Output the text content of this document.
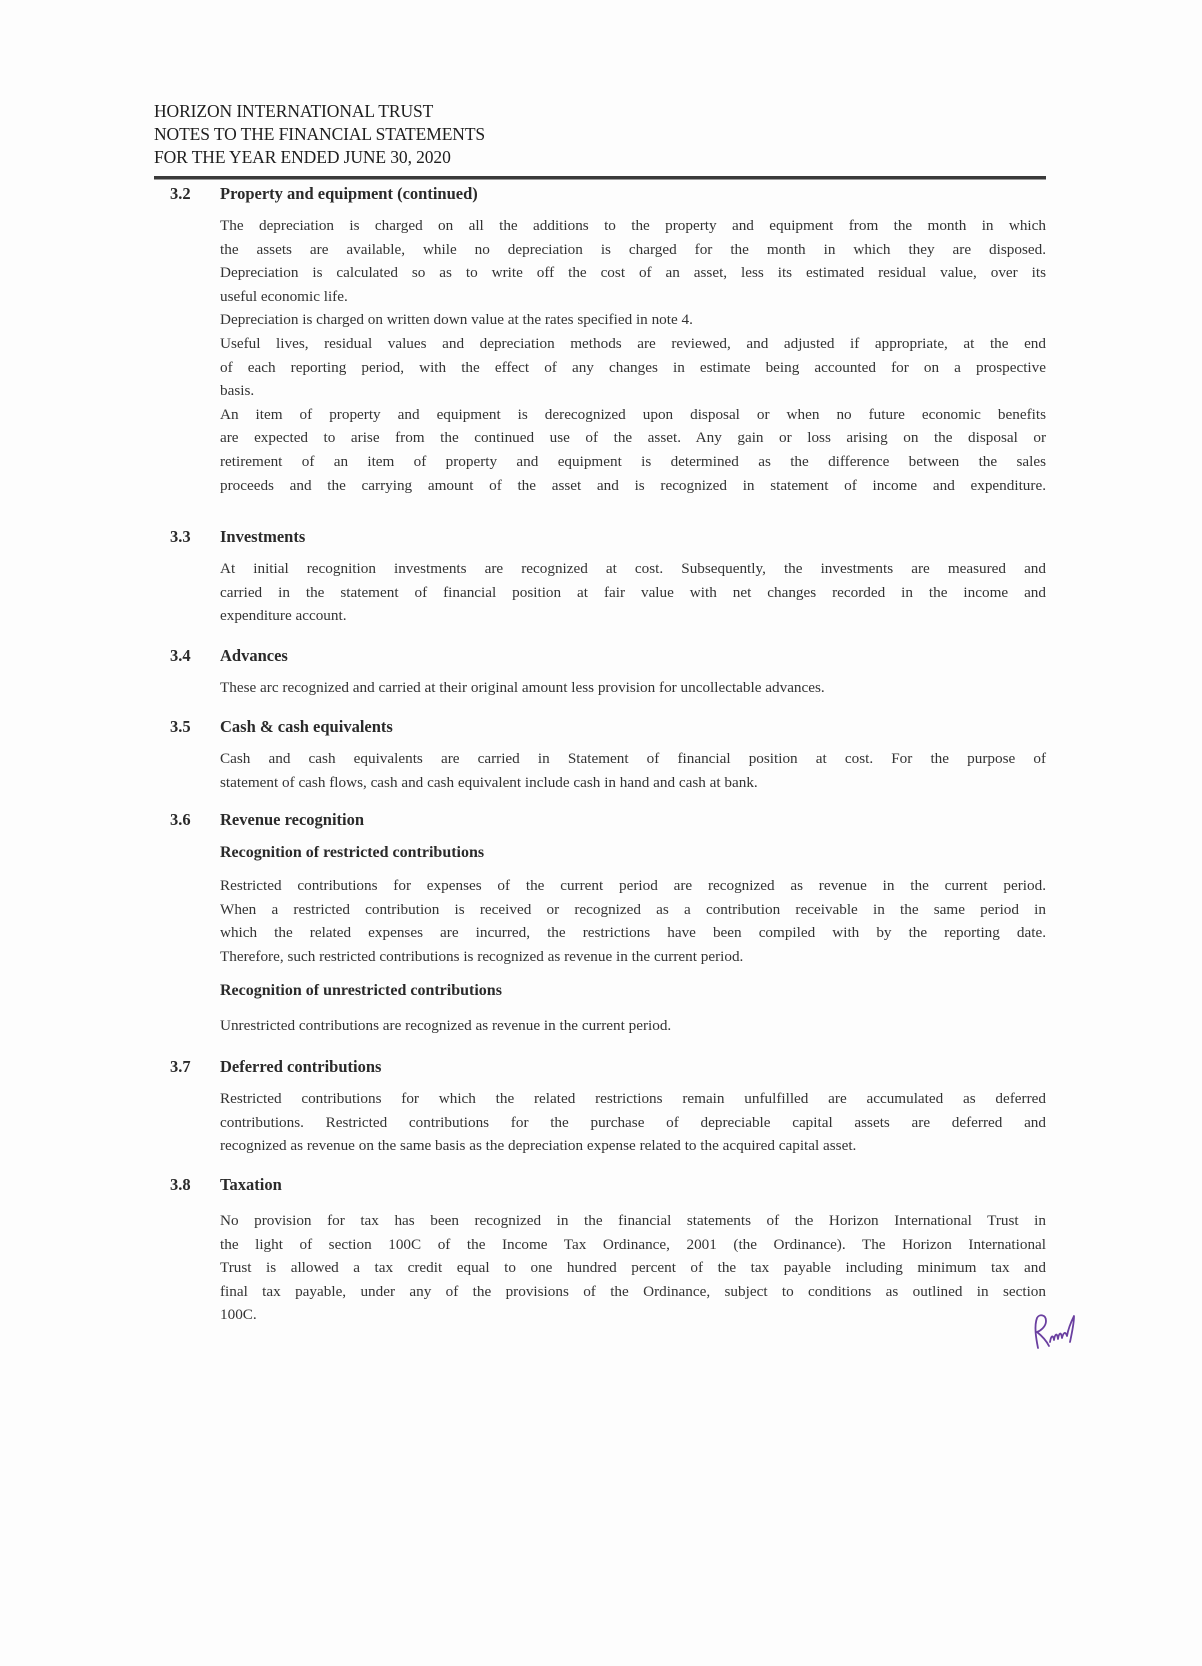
HORIZON INTERNATIONAL TRUST
NOTES TO THE FINANCIAL STATEMENTS
FOR THE YEAR ENDED JUNE 30, 2020
3.2 Property and equipment (continued)
The depreciation is charged on all the additions to the property and equipment from the month in which
the assets are available, while no depreciation is charged for the month in which they are disposed.
Depreciation is calculated so as to write off the cost of an asset, less its estimated residual value, over its
useful economic life.
Depreciation is charged on written down value at the rates specified in note 4.
Useful lives, residual values and depreciation methods are reviewed, and adjusted if appropriate, at the end
of each reporting period, with the effect of any changes in estimate being accounted for on a prospective
basis.
An item of property and equipment is derecognized upon disposal or when no future economic benefits
are expected to arise from the continued use of the asset. Any gain or loss arising on the disposal or
retirement of an item of property and equipment is determined as the difference between the sales
proceeds and the carrying amount of the asset and is recognized in statement of income and expenditure.
3.3 Investments
At initial recognition investments are recognized at cost. Subsequently, the investments are measured and
carried in the statement of financial position at fair value with net changes recorded in the income and
expenditure account.
3.4 Advances
These arc recognized and carried at their original amount less provision for uncollectable advances.
3.5 Cash & cash equivalents
Cash and cash equivalents are carried in Statement of financial position at cost. For the purpose of
statement of cash flows, cash and cash equivalent include cash in hand and cash at bank.
3.6 Revenue recognition
Recognition of restricted contributions
Restricted contributions for expenses of the current period are recognized as revenue in the current period.
When a restricted contribution is received or recognized as a contribution receivable in the same period in
which the related expenses are incurred, the restrictions have been compiled with by the reporting date.
Therefore, such restricted contributions is recognized as revenue in the current period.
Recognition of unrestricted contributions
Unrestricted contributions are recognized as revenue in the current period.
3.7 Deferred contributions
Restricted contributions for which the related restrictions remain unfulfilled are accumulated as deferred
contributions. Restricted contributions for the purchase of depreciable capital assets are deferred and
recognized as revenue on the same basis as the depreciation expense related to the acquired capital asset.
3.8 Taxation
No provision for tax has been recognized in the financial statements of the Horizon International Trust in
the light of section 100C of the Income Tax Ordinance, 2001 (the Ordinance). The Horizon International
Trust is allowed a tax credit equal to one hundred percent of the tax payable including minimum tax and
final tax payable, under any of the provisions of the Ordinance, subject to conditions as outlined in section
100C.
